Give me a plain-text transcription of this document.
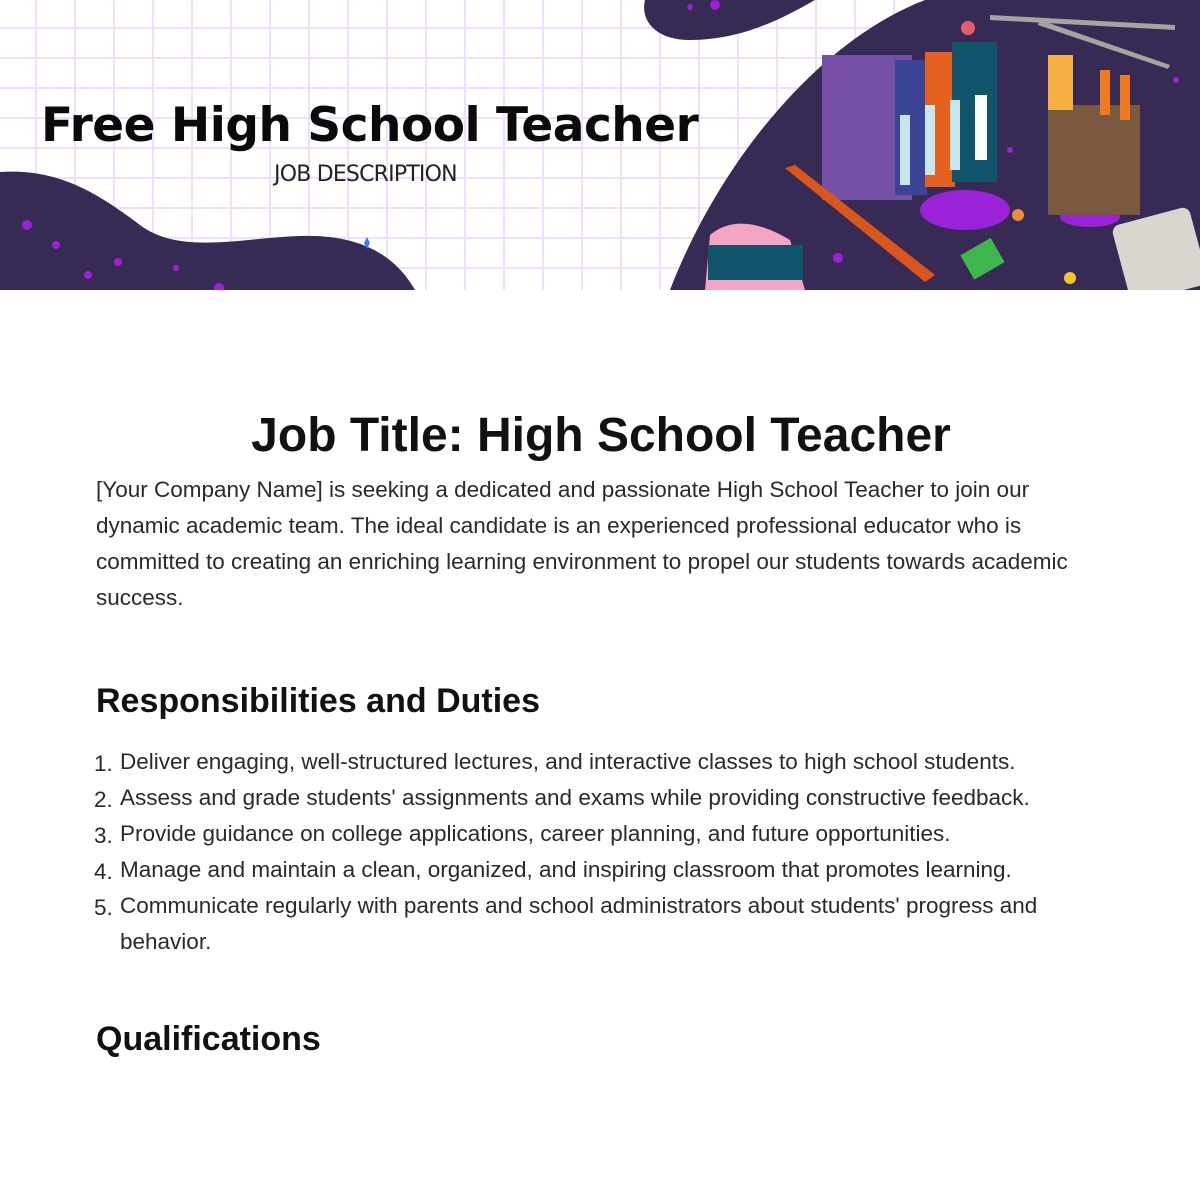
Free High School Teacher
JOB DESCRIPTION
Job Title: High School Teacher

[Your Company Name] is seeking a dedicated and passionate High School Teacher to join our dynamic academic team. The ideal candidate is an experienced professional educator who is committed to creating an enriching learning environment to propel our students towards academic success.

Responsibilities and Duties
1. Deliver engaging, well-structured lectures, and interactive classes to high school students.
2. Assess and grade students' assignments and exams while providing constructive feedback.
3. Provide guidance on college applications, career planning, and future opportunities.
4. Manage and maintain a clean, organized, and inspiring classroom that promotes learning.
5. Communicate regularly with parents and school administrators about students' progress and behavior.
Qualifications
